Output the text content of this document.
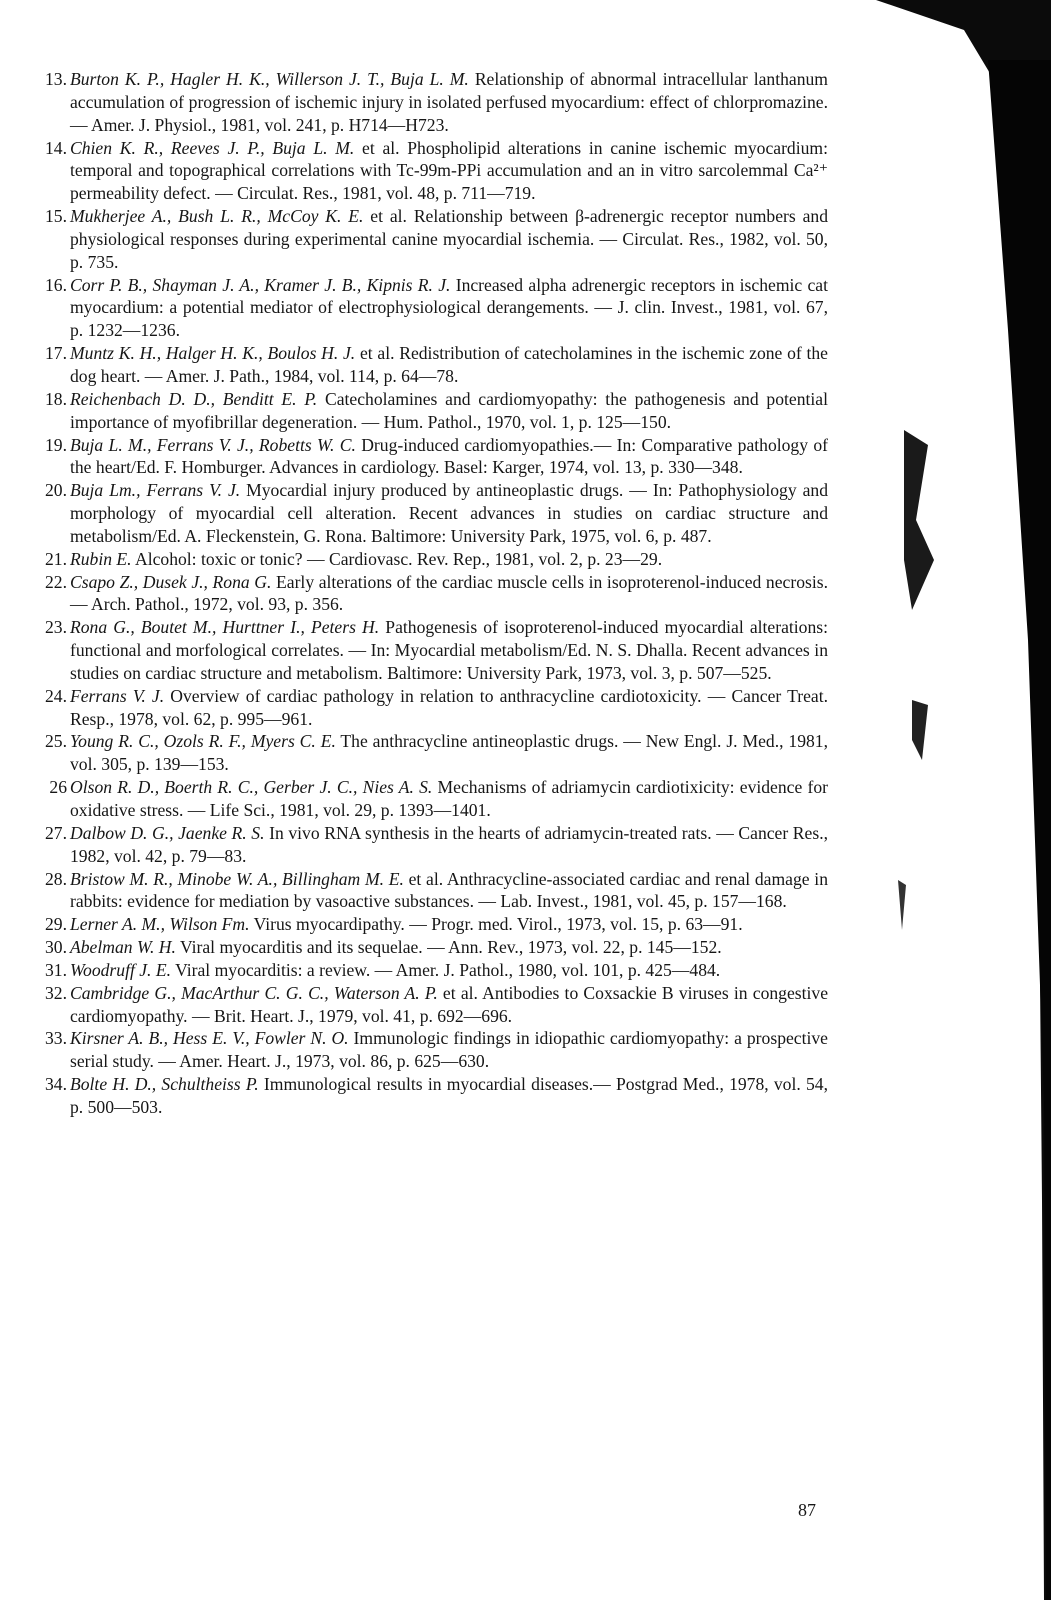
13. Burton K. P., Hagler H. K., Willerson J. T., Buja L. M. Relationship of abnormal intracellular lanthanum accumulation of progression of ischemic injury in isolated perfused myocardium: effect of chlorpromazine. — Amer. J. Physiol., 1981, vol. 241, p. H714—H723.
14. Chien K. R., Reeves J. P., Buja L. M. et al. Phospholipid alterations in canine ischemic myocardium: temporal and topographical correlations with Tc-99m-PPi accumulation and an in vitro sarcolemmal Ca²⁺ permeability defect. — Circulat. Res., 1981, vol. 48, p. 711—719.
15. Mukherjee A., Bush L. R., McCoy K. E. et al. Relationship between β-adrenergic receptor numbers and physiological responses during experimental canine myocardial ischemia. — Circulat. Res., 1982, vol. 50, p. 735.
16. Corr P. B., Shayman J. A., Kramer J. B., Kipnis R. J. Increased alpha adrenergic receptors in ischemic cat myocardium: a potential mediator of electrophysiological derangements. — J. clin. Invest., 1981, vol. 67, p. 1232—1236.
17. Muntz K. H., Halger H. K., Boulos H. J. et al. Redistribution of catecholamines in the ischemic zone of the dog heart. — Amer. J. Path., 1984, vol. 114, p. 64—78.
18. Reichenbach D. D., Benditt E. P. Catecholamines and cardiomyopathy: the pathogenesis and potential importance of myofibrillar degeneration. — Hum. Pathol., 1970, vol. 1, p. 125—150.
19. Buja L. M., Ferrans V. J., Robetts W. C. Drug-induced cardiomyopathies.— In: Comparative pathology of the heart/Ed. F. Homburger. Advances in cardiology. Basel: Karger, 1974, vol. 13, p. 330—348.
20. Buja Lm., Ferrans V. J. Myocardial injury produced by antineoplastic drugs. — In: Pathophysiology and morphology of myocardial cell alteration. Recent advances in studies on cardiac structure and metabolism/Ed. A. Fleckenstein, G. Rona. Baltimore: University Park, 1975, vol. 6, p. 487.
21. Rubin E. Alcohol: toxic or tonic? — Cardiovasc. Rev. Rep., 1981, vol. 2, p. 23—29.
22. Csapo Z., Dusek J., Rona G. Early alterations of the cardiac muscle cells in isoproterenol-induced necrosis. — Arch. Pathol., 1972, vol. 93, p. 356.
23. Rona G., Boutet M., Hurttner I., Peters H. Pathogenesis of isoproterenol-induced myocardial alterations: functional and morfological correlates. — In: Myocardial metabolism/Ed. N. S. Dhalla. Recent advances in studies on cardiac structure and metabolism. Baltimore: University Park, 1973, vol. 3, p. 507—525.
24. Ferrans V. J. Overview of cardiac pathology in relation to anthracycline cardiotoxicity. — Cancer Treat. Resp., 1978, vol. 62, p. 995—961.
25. Young R. C., Ozols R. F., Myers C. E. The anthracycline antineoplastic drugs. — New Engl. J. Med., 1981, vol. 305, p. 139—153.
26 Olson R. D., Boerth R. C., Gerber J. C., Nies A. S. Mechanisms of adriamycin cardiotixicity: evidence for oxidative stress. — Life Sci., 1981, vol. 29, p. 1393—1401.
27. Dalbow D. G., Jaenke R. S. In vivo RNA synthesis in the hearts of adriamycin-treated rats. — Cancer Res., 1982, vol. 42, p. 79—83.
28. Bristow M. R., Minobe W. A., Billingham M. E. et al. Anthracycline-associated cardiac and renal damage in rabbits: evidence for mediation by vasoactive substances. — Lab. Invest., 1981, vol. 45, p. 157—168.
29. Lerner A. M., Wilson Fm. Virus myocardipathy. — Progr. med. Virol., 1973, vol. 15, p. 63—91.
30. Abelman W. H. Viral myocarditis and its sequelae. — Ann. Rev., 1973, vol. 22, p. 145—152.
31. Woodruff J. E. Viral myocarditis: a review. — Amer. J. Pathol., 1980, vol. 101, p. 425—484.
32. Cambridge G., MacArthur C. G. C., Waterson A. P. et al. Antibodies to Coxsackie B viruses in congestive cardiomyopathy. — Brit. Heart. J., 1979, vol. 41, p. 692—696.
33. Kirsner A. B., Hess E. V., Fowler N. O. Immunologic findings in idiopathic cardiomyopathy: a prospective serial study. — Amer. Heart. J., 1973, vol. 86, p. 625—630.
34. Bolte H. D., Schultheiss P. Immunological results in myocardial diseases.— Postgrad Med., 1978, vol. 54, p. 500—503.
87
